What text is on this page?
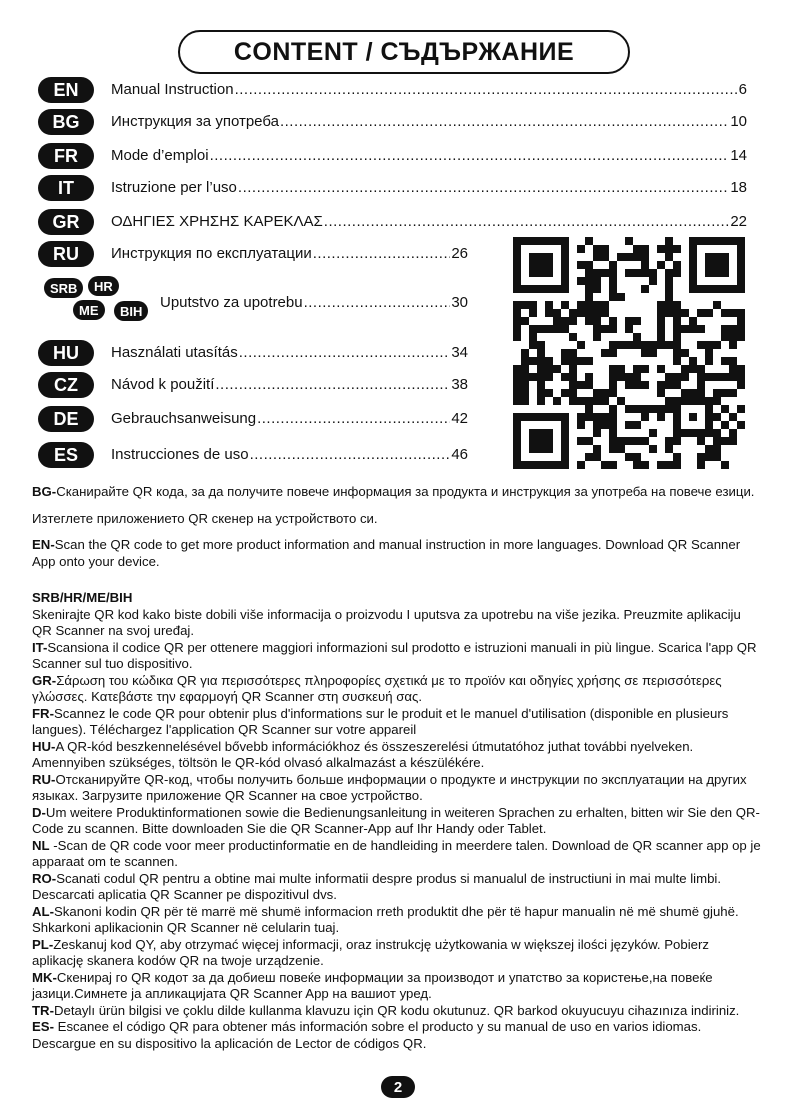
CONTENT / СЪДЪРЖАНИЕ
EN	Manual Instruction .....	6
BG	Инструкция за употреба .....	10
FR	Mode d’emploi .....	14
IT	Istruzione per l’uso .....	18
GR	ΟΔΗΓΙΕΣ ΧΡΗΣΗΣ ΚΑΡΕΚΛΑΣ .....	22
RU	Инструкция по експлуатации .....	26
SRB	HR
ME	BIH	Uputstvo za upotrebu .....	30
HU	Használati utasítás .....	34
CZ	Návod k použití .....	38
DE	Gebrauchsanweisung .....	42
ES	Instrucciones de uso .....	46

BG-Сканирайте QR кода, за да получите повече информация за продукта и инструкция за употреба на повече езици.

Изтеглете приложението QR скенер на устройството си.

EN-Scan the QR code to get more product information and manual instruction in more languages. Download QR Scanner App onto your device.

SRB/HR/ME/BIH

Skenirajte QR kod kako biste dobili više informacija o proizvodu I uputsva za upotrebu na više jezika. Preuzmite aplikaciju QR Scanner na svoj uređaj.

IT-Scansiona il codice QR per ottenere maggiori informazioni sul prodotto e istruzioni manuali in più lingue. Scarica l'app QR Scanner sul tuo dispositivo.

GR-Σάρωση του κώδικα QR για περισσότερες πληροφορίες σχετικά με το προϊόν και οδηγίες χρήσης σε περισσότερες γλώσσες. Κατεβάστε την εφαρμογή QR Scanner στη συσκευή σας.

FR-Scannez le code QR pour obtenir plus d'informations sur le produit et le manuel d'utilisation (disponible en plusieurs langues). Téléchargez l'application QR Scanner sur votre appareil

HU-A QR-kód beszkennelésével bővebb információkhoz és összeszerelési útmutatóhoz juthat további nyelveken. Amennyiben szükséges, töltsön le QR-kód olvasó alkalmazást a készülékére.

RU-Отсканируйте QR-код, чтобы получить больше информации о продукте и инструкции по эксплуатации на других языках. Загрузите приложение QR Scanner на свое устройство.

D-Um weitere Produktinformationen sowie die Bedienungsanleitung in weiteren Sprachen zu erhalten, bitten wir Sie den QR-Code zu scannen. Bitte downloaden Sie die QR Scanner-App auf Ihr Handy oder Tablet.

NL -Scan de QR code voor meer productinformatie en de handleiding in meerdere talen. Download de QR scanner app op je apparaat om te scannen.

RO-Scanati codul QR pentru a obtine mai multe informatii despre produs si manualul de instructiuni in mai multe limbi. Descarcati aplicatia QR Scanner pe dispozitivul dvs.

AL-Skanoni kodin QR për të marrë më shumë informacion rreth produktit dhe për të hapur manualin në më shumë gjuhë. Shkarkoni aplikacionin QR Scanner në celularin tuaj.

PL-Zeskanuj kod QY, aby otrzymać więcej informacji, oraz instrukcję użytkowania w większej ilości języków. Pobierz aplikację skanera kodów QR na twoje urządzenie.

MK-Скенирај го QR кодот за да добиеш повеќе информации за производот и упатство за користење,на повеќе јазици.Симнете ја апликацијата QR Scanner App на вашиот уред.

TR-Detaylı ürün bilgisi ve çoklu dilde kullanma klavuzu için QR kodu okutunuz. QR barkod okuyucuyu cihazınıza indiriniz.

ES- Escanee el código QR para obtener más información sobre el producto y su manual de uso en varios idiomas. Descargue en su dispositivo la aplicación de Lector de códigos QR.

2
